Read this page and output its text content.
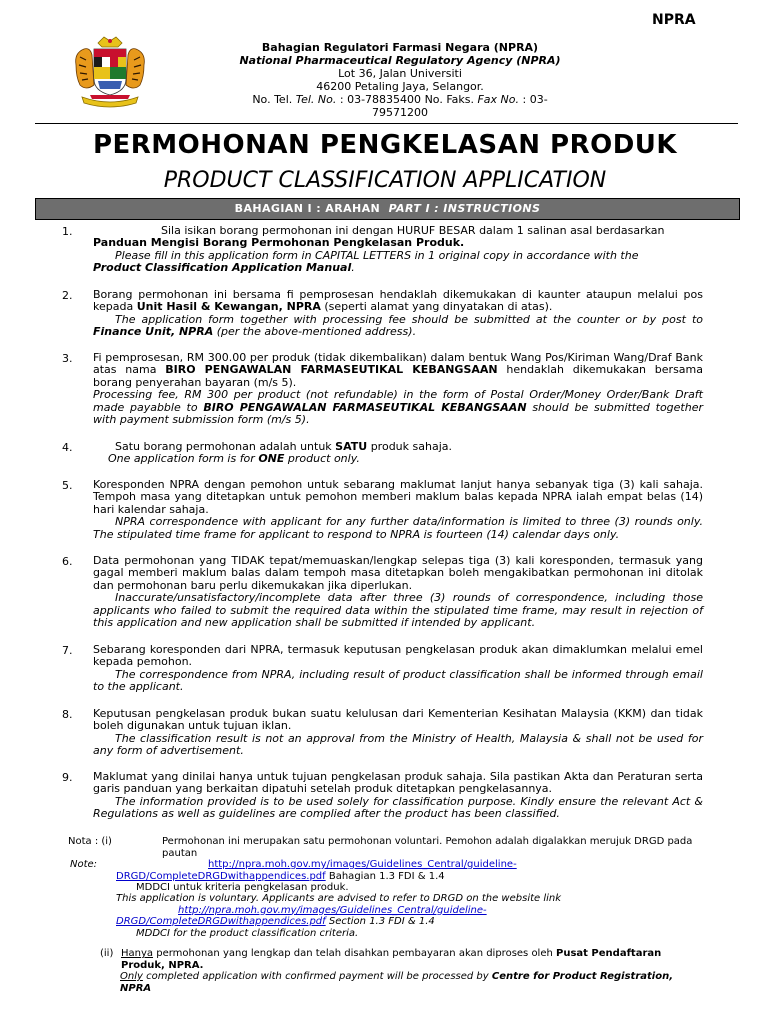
NPRA
Bahagian Regulatori Farmasi Negara (NPRA)
National Pharmaceutical Regulatory Agency (NPRA)
Lot 36, Jalan Universiti
46200 Petaling Jaya, Selangor.
No. Tel. Tel. No. : 03-78835400 No. Faks. Fax No. : 03-
79571200
PERMOHONAN PENGKELASAN PRODUK
PRODUCT CLASSIFICATION APPLICATION
BAHAGIAN I : ARAHAN PART I : INSTRUCTIONS
1.	Sila isikan borang permohonan ini dengan HURUF BESAR dalam 1 salinan asal berdasarkan

Panduan Mengisi Borang Permohonan Pengkelasan Produk.

Please fill in this application form in CAPITAL LETTERS in 1 original copy in accordance with the

Product Classification Application Manual.

2. Borang permohonan ini bersama fi pemprosesan hendaklah dikemukakan di kaunter ataupun melalui pos kepada Unit Hasil & Kewangan, NPRA (seperti alamat yang dinyatakan di atas).

The application form together with processing fee should be submitted at the counter or by post to Finance Unit, NPRA (per the above-mentioned address).

3. Fi pemprosesan, RM 300.00 per produk (tidak dikembalikan) dalam bentuk Wang Pos/Kiriman Wang/Draf Bank atas nama BIRO PENGAWALAN FARMASEUTIKAL KEBANGSAAN hendaklah dikemukakan bersama borang penyerahan bayaran (m/s 5).

Processing fee, RM 300 per product (not refundable) in the form of Postal Order/Money Order/Bank Draft made payabble to BIRO PENGAWALAN FARMASEUTIKAL KEBANGSAAN should be submitted together with payment submission form (m/s 5).

4.	Satu borang permohonan adalah untuk SATU produk sahaja.

One application form is for ONE product only.

5. Koresponden NPRA dengan pemohon untuk sebarang maklumat lanjut hanya sebanyak tiga (3) kali sahaja. Tempoh masa yang ditetapkan untuk pemohon memberi maklum balas kepada NPRA ialah empat belas (14) hari kalendar sahaja.

NPRA correspondence with applicant for any further data/information is limited to three (3) rounds only. The stipulated time frame for applicant to respond to NPRA is fourteen (14) calendar days only.

6. Data permohonan yang TIDAK tepat/memuaskan/lengkap selepas tiga (3) kali koresponden, termasuk yang gagal memberi maklum balas dalam tempoh masa ditetapkan boleh mengakibatkan permohonan ini ditolak dan permohonan baru perlu dikemukakan jika diperlukan.

Inaccurate/unsatisfactory/incomplete data after three (3) rounds of correspondence, including those applicants who failed to submit the required data within the stipulated time frame, may result in rejection of this application and new application shall be submitted if intended by applicant.

7. Sebarang koresponden dari NPRA, termasuk keputusan pengkelasan produk akan dimaklumkan melalui emel kepada pemohon.

The correspondence from NPRA, including result of product classification shall be informed through email to the applicant.

8. Keputusan pengkelasan produk bukan suatu kelulusan dari Kementerian Kesihatan Malaysia (KKM) dan tidak boleh digunakan untuk tujuan iklan.

The classification result is not an approval from the Ministry of Health, Malaysia & shall not be used for any form of advertisement.

9. Maklumat yang dinilai hanya untuk tujuan pengkelasan produk sahaja. Sila pastikan Akta dan Peraturan serta garis panduan yang berkaitan dipatuhi setelah produk ditetapkan pengkelasannya.

The information provided is to be used solely for classification purpose. Kindly ensure the relevant Act & Regulations as well as guidelines are complied after the product has been classified.

Nota : (i)	Permohonan ini merupakan satu permohonan voluntari. Pemohon adalah digalakkan merujuk DRGD pada pautan
Note:	http://npra.moh.gov.my/images/Guidelines_Central/guideline-
DRGD/CompleteDRGDwithappendices.pdf Bahagian 1.3 FDI & 1.4
MDDCI untuk kriteria pengkelasan produk.
This application is voluntary. Applicants are advised to refer to DRGD on the website link
http://npra.moh.gov.my/images/Guidelines_Central/guideline-
DRGD/CompleteDRGDwithappendices.pdf Section 1.3 FDI & 1.4
MDDCI for the product classification criteria.
(ii) Hanya permohonan yang lengkap dan telah disahkan pembayaran akan diproses oleh Pusat Pendaftaran Produk, NPRA.
Only completed application with confirmed payment will be processed by Centre for Product Registration, NPRA
